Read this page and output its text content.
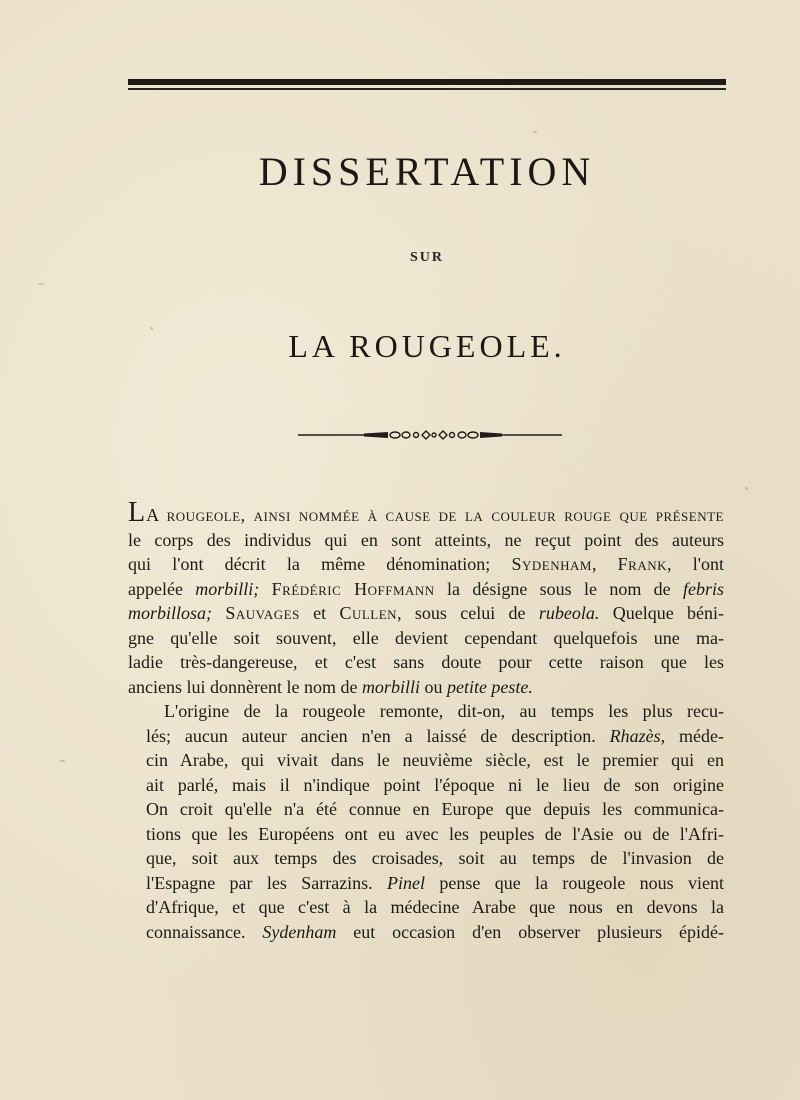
DISSERTATION
SUR
LA ROUGEOLE.

LA rougeole, ainsi nommée à cause de la couleur rouge que présente
le corps des individus qui en sont atteints, ne reçut point des auteurs
qui l'ont décrit la même dénomination; Sydenham, Frank, l'ont
appelée morbilli; Frédéric Hoffmann la désigne sous le nom de febris
morbillosa; Sauvages et Cullen, sous celui de rubeola. Quelque béni-
gne qu'elle soit souvent, elle devient cependant quelquefois une ma-
ladie très-dangereuse, et c'est sans doute pour cette raison que les
anciens lui donnèrent le nom de morbilli ou petite peste.

L'origine de la rougeole remonte, dit-on, au temps les plus recu-
lés; aucun auteur ancien n'en a laissé de description. Rhazès, méde-
cin Arabe, qui vivait dans le neuvième siècle, est le premier qui en
ait parlé, mais il n'indique point l'époque ni le lieu de son origine
On croit qu'elle n'a été connue en Europe que depuis les communica-
tions que les Européens ont eu avec les peuples de l'Asie ou de l'Afri-
que, soit aux temps des croisades, soit au temps de l'invasion de
l'Espagne par les Sarrazins. Pinel pense que la rougeole nous vient
d'Afrique, et que c'est à la médecine Arabe que nous en devons la
connaissance. Sydenham eut occasion d'en observer plusieurs épidé-
